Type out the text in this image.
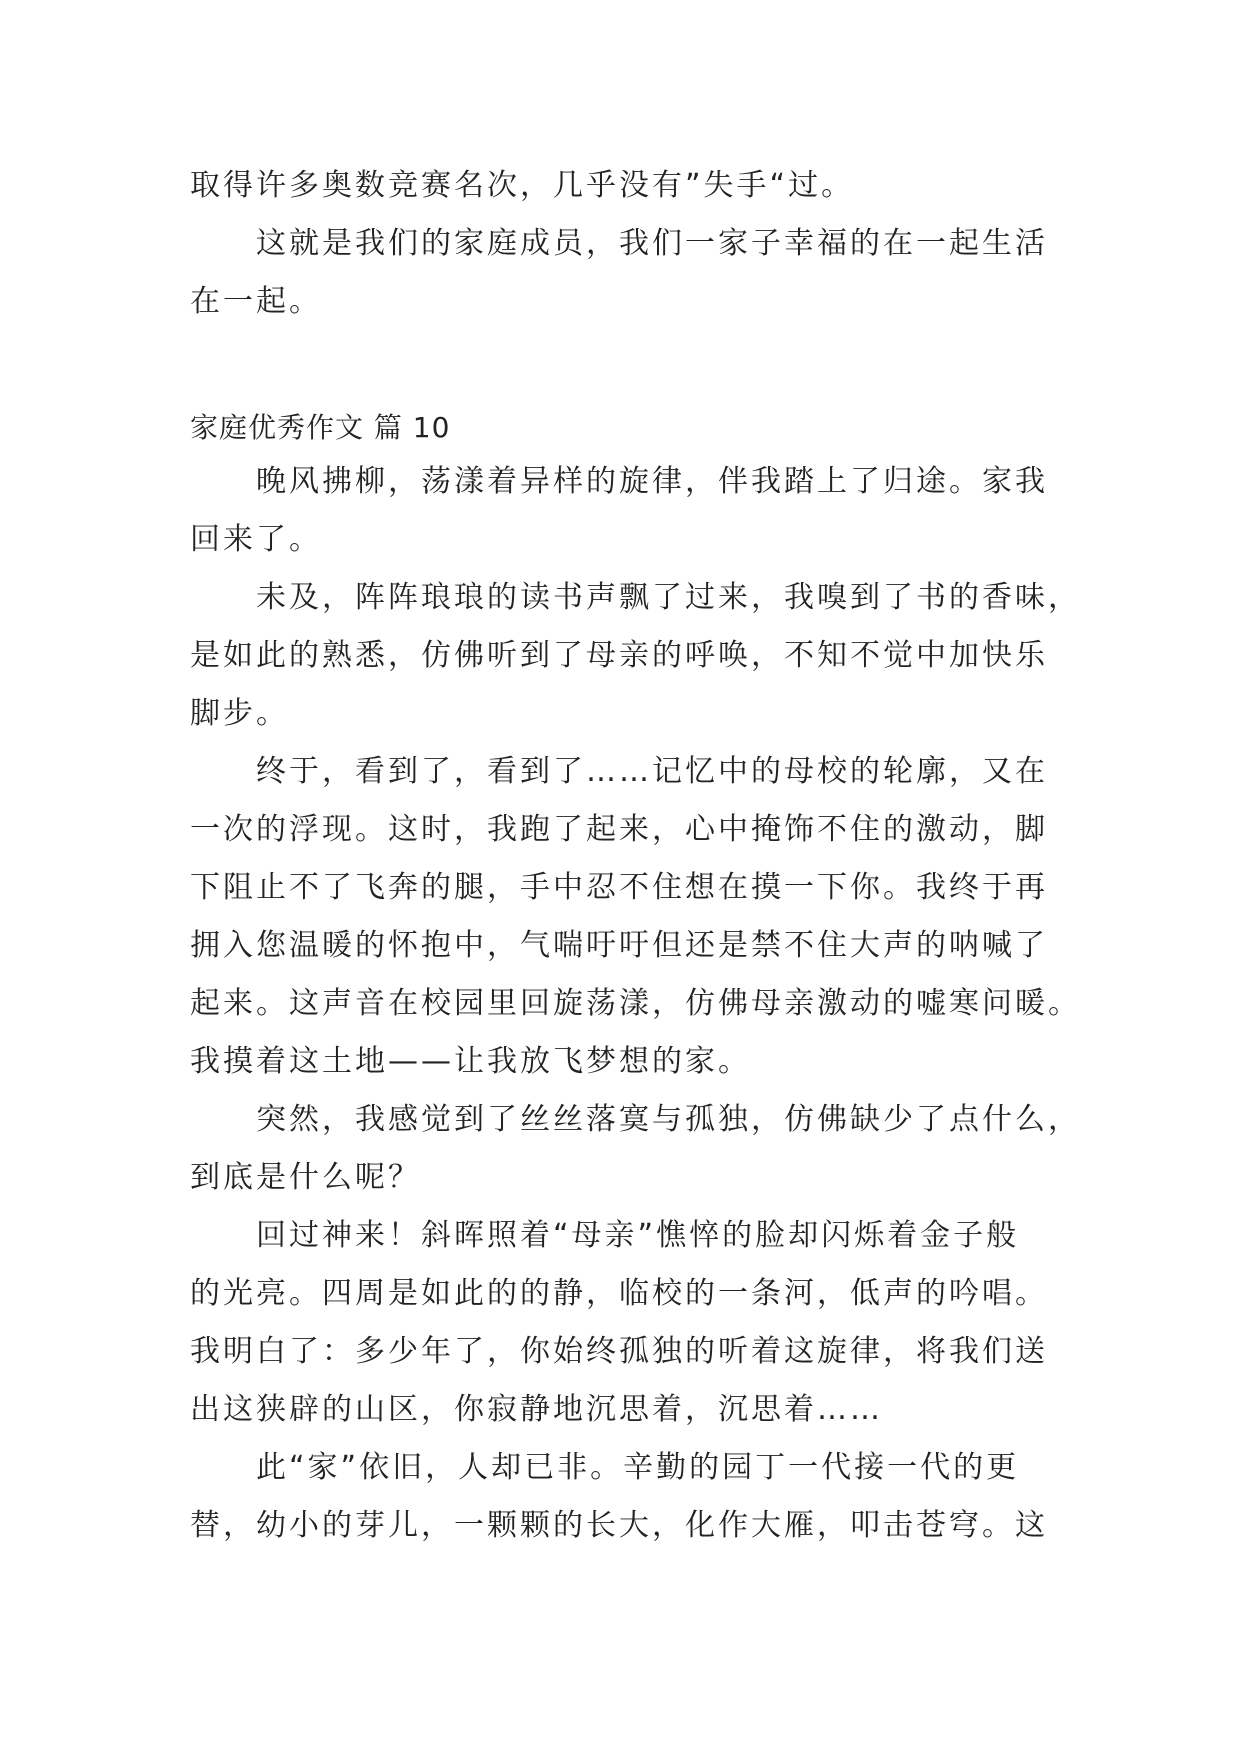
取得许多奥数竞赛名次，几乎没有”失手“过。
　　这就是我们的家庭成员，我们一家子幸福的在一起生活
在一起。
家庭优秀作文 篇 10
　　晚风拂柳，荡漾着异样的旋律，伴我踏上了归途。家我
回来了。
　　未及，阵阵琅琅的读书声飘了过来，我嗅到了书的香味，
是如此的熟悉，仿佛听到了母亲的呼唤，不知不觉中加快乐
脚步。
　　终于，看到了，看到了……记忆中的母校的轮廓，又在
一次的浮现。这时，我跑了起来，心中掩饰不住的激动，脚
下阻止不了飞奔的腿，手中忍不住想在摸一下你。我终于再
拥入您温暖的怀抱中，气喘吁吁但还是禁不住大声的呐喊了
起来。这声音在校园里回旋荡漾，仿佛母亲激动的嘘寒问暖。
我摸着这土地——让我放飞梦想的家。
　　突然，我感觉到了丝丝落寞与孤独，仿佛缺少了点什么，
到底是什么呢？
　　回过神来！斜晖照着“母亲”憔悴的脸却闪烁着金子般
的光亮。四周是如此的的静，临校的一条河，低声的吟唱。
我明白了：多少年了，你始终孤独的听着这旋律，将我们送
出这狭辟的山区，你寂静地沉思着，沉思着……
　　此“家”依旧，人却已非。辛勤的园丁一代接一代的更
替，幼小的芽儿，一颗颗的长大，化作大雁，叩击苍穹。这
